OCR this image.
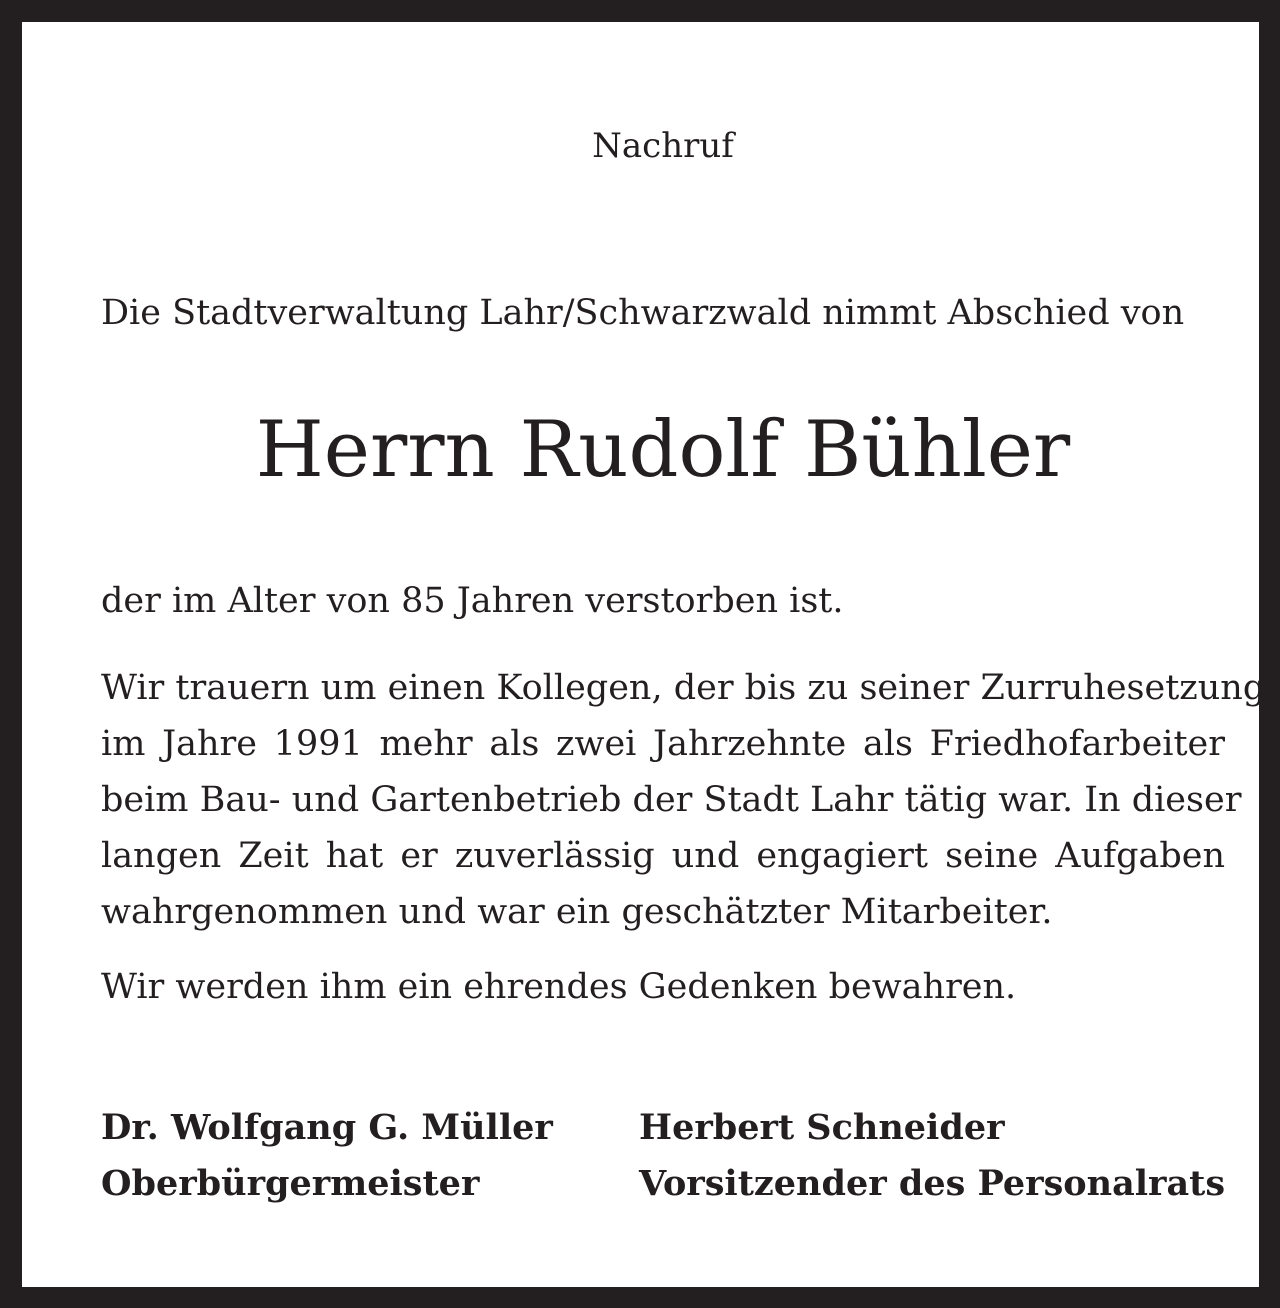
Nachruf

Die Stadtverwaltung Lahr/Schwarzwald nimmt Abschied von

Herrn Rudolf Bühler

der im Alter von 85 Jahren verstorben ist.

Wir trauern um einen Kollegen, der bis zu seiner Zurruhesetzung
im Jahre 1991 mehr als zwei Jahrzehnte als Friedhofarbeiter
beim Bau- und Gartenbetrieb der Stadt Lahr tätig war. In dieser
langen Zeit hat er zuverlässig und engagiert seine Aufgaben
wahrgenommen und war ein geschätzter Mitarbeiter.

Wir werden ihm ein ehrendes Gedenken bewahren.

Dr. Wolfgang G. Müller
Oberbürgermeister
Herbert Schneider
Vorsitzender des Personalrats
